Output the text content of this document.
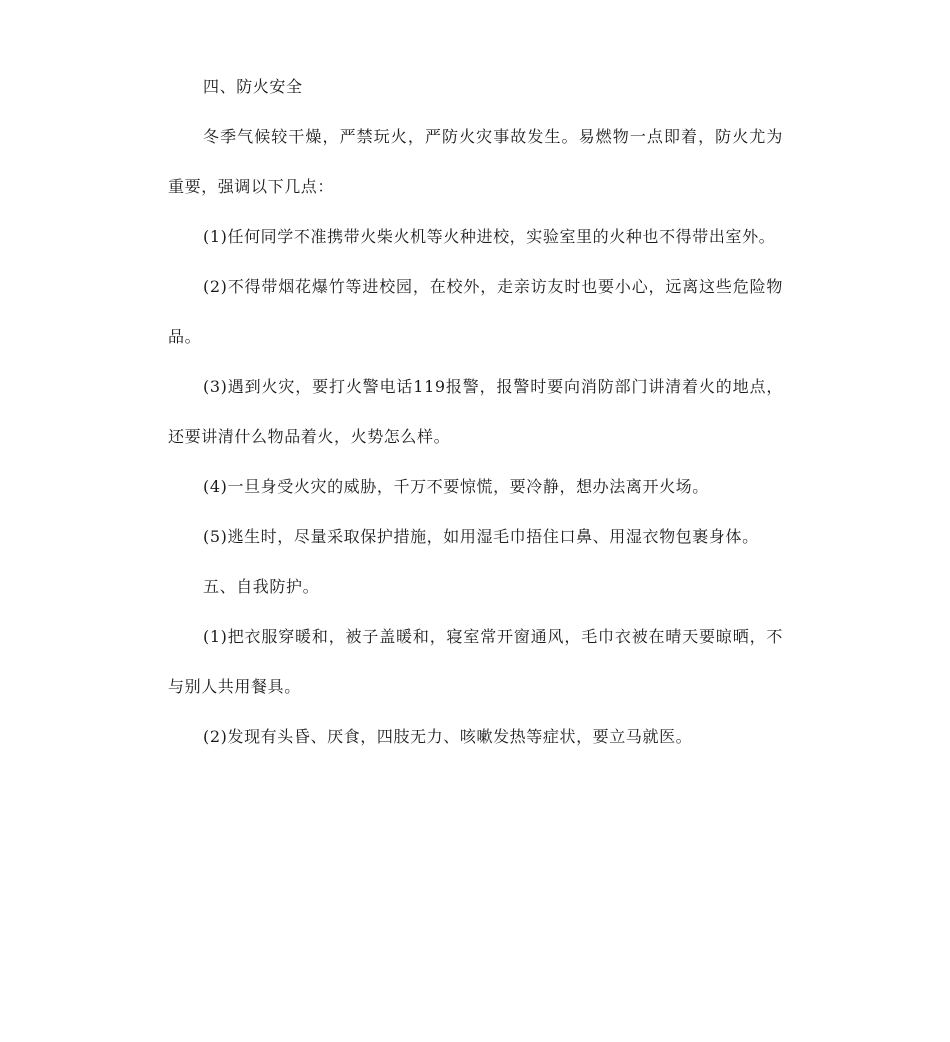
四、防火安全

冬季气候较干燥，严禁玩火，严防火灾事故发生。易燃物一点即着，防火尤为重要，强调以下几点：

(1)任何同学不准携带火柴火机等火种进校，实验室里的火种也不得带出室外。

(2)不得带烟花爆竹等进校园，在校外，走亲访友时也要小心，远离这些危险物品。

(3)遇到火灾，要打火警电话119报警，报警时要向消防部门讲清着火的地点，还要讲清什么物品着火，火势怎么样。

(4)一旦身受火灾的威胁，千万不要惊慌，要冷静，想办法离开火场。

(5)逃生时，尽量采取保护措施，如用湿毛巾捂住口鼻、用湿衣物包裹身体。

五、自我防护。

(1)把衣服穿暖和，被子盖暖和，寝室常开窗通风，毛巾衣被在晴天要晾晒，不与别人共用餐具。

(2)发现有头昏、厌食，四肢无力、咳嗽发热等症状，要立马就医。
